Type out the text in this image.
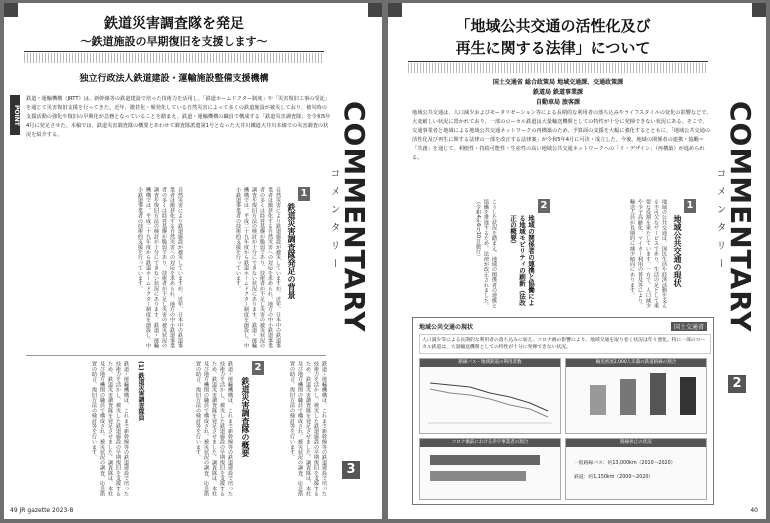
鉄道災害調査隊を発足
〜鉄道施設の早期復旧を支援します〜
独立行政法人鉄道建設・運輸施設整備支援機構
POINT
鉄道・運輸機構（JRTT）は、新幹線等の鉄道建設で培った技術力を活用し、「鉄道ホームドクター制度」や「災害復旧工事の受託」を通じて災害復旧支援を行ってきた。近年、激甚化・頻発化している自然災害によって多くの鉄道施設が被災しており、被災時の支援活動の強化や復旧の早期化が急務となっていることを踏まえ、鉄道・運輸機構の職員で構成する「鉄道災害調査隊」を令和5年4月に発足させた。本稿では、鉄道災害調査隊の概要とあわせて調査隊派遣第1号となった大井川鐵道大井川本線での災害調査の状況を紹介する。	COMMENTARY
コメンタリー
3
1
鉄道災害調査隊発足の背景
自然災害により鉄道施設が被災していますが、近年、日本中の鉄道事業者は激甚化する自然災害への対応を求められ、地方の中小鉄道事業者の多くは経営基盤が脆弱であり、技術者が不足し災害の被災状況の調査や復旧方法の検討が十分にできない状況にあります。鉄道・運輸機構では、平成二十九年度から鉄道ホームドクター制度を創設し、中小鉄道事業者の技術的支援を行っています。
自然災害により鉄道施設が被災していますが、近年、日本中の鉄道事業者は激甚化する自然災害への対応を求められ、地方の中小鉄道事業者の多くは経営基盤が脆弱であり、技術者が不足し災害の被災状況の調査や復旧方法の検討が十分にできない状況にあります。鉄道・運輸機構では、平成二十九年度から鉄道ホームドクター制度を創設し、中小鉄道事業者の技術的支援を行っています。
2
鉄道災害調査隊の概要	鉄道・運輸機構は、これまで新幹線等の鉄道建設で培った技術力を活かし、被災した鉄道施設の早期復旧を支援するため、鉄道災害調査隊を発足させました。調査隊は、本社及び地方機関の職員で構成され、被災状況の調査、応急措置の助言、復旧方法の検討等を行います。
(1) 鉄道災害調査隊員
鉄道・運輸機構は、これまで新幹線等の鉄道建設で培った技術力を活かし、被災した鉄道施設の早期復旧を支援するため、鉄道災害調査隊を発足させました。調査隊は、本社及び地方機関の職員で構成され、被災状況の調査、応急措置の助言、復旧方法の検討等を行います。	鉄道・運輸機構は、これまで新幹線等の鉄道建設で培った技術力を活かし、被災した鉄道施設の早期復旧を支援するため、鉄道災害調査隊を発足させました。調査隊は、本社及び地方機関の職員で構成され、被災状況の調査、応急措置の助言、復旧方法の検討等を行います。
49 JR gazette 2023-8
「地域公共交通の活性化及び
再生に関する法律」について
国土交通省 総合政策局 地域交通課、交通政策課
鉄道局 鉄道事業課
自動車局 旅客課
地域公共交通は、人口減少およびモータリゼーション等による長期的な利用者の落ち込みやライフスタイルの変化の影響などで、大変厳しい状況に置かれており、一部のローカル鉄道は大量輸送機関としての特性が十分に発揮できない状況にある。そこで、交通事業者と地域による地域公共交通ネットワークの再構築のため、予算面の支援を大幅に強化するとともに、「地域公共交通の活性化及び再生に関する法律の一部を改正する法律案」が令和5年4月に可決・成立した。今後、地域の関係者の連携・協働＝「共創」を通じて、利便性・持続可能性・生産性の高い地域公共交通ネットワークへの「リ・デザイン」（再構築）が進められる。	COMMENTARY
コメンタリー
2
1
地域公共交通の現状
地域の公共交通は、国民生活や経済活動を支える不可欠なサービスであり、生活の足として重要な役割を果たしています。一方で、人口減少や少子高齢化、マイカー利用の普及等により、輸送人員が長期的に減少傾向にあります。
2
地域の関係者の連携と協働による地域モビリティの刷新（法改正の概要）
こうした状況を踏まえ、地域の関係者の連携と協働を推進するため、法律が改正されました。（令和4年6月10日施行）
地域公共交通の現状	国土交通省
人口減少等による長期的な利用者の落ち込みに加え、コロナ禍の影響により、地域交通を取り巻く状況は年々悪化。特に一部のローカル鉄道は、大量輸送機関としての特性が十分に発揮できない状況。
路線バス・地域鉄道の利用者数	輸送密度2,000人未満の鉄道路線の割合
コロナ禍前における赤字事業者の割合	路線休止の状況
一般路線バス：約13,000km（2010〜2020）
鉄道：約1,150km（2000〜2020）
40
